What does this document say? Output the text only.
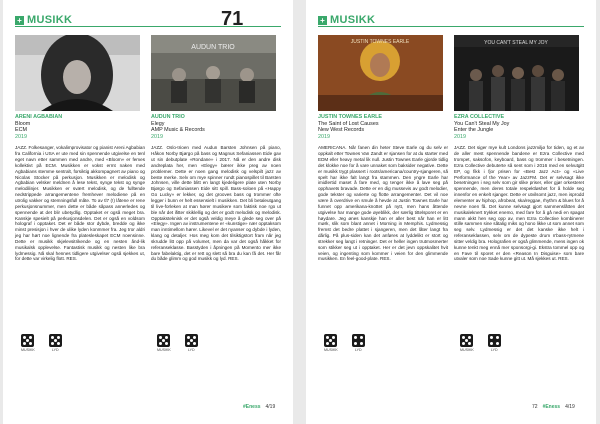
+ MUSIKK	71
ARENI AGBABIAN
Bloom
ECM
2019
JAZZ. Folkesanger, vokalimprovisator og pianist Areni Agbabian fra California i USA er ute med sin spennende utgivelse en tenl eget navn etter sammen med andre, med «Bloom» er femes kollektivt på ECM. Musikken er vokst ermt naken med Agbabians stemme sentralt, forsiktig akkompagnert av piano og Nicolas Stocker på perkusjon. Musikken er melodisk og Agbabian velsker meldnen å lese tekst, synge tekst og synge melodilinjer. Musikken er svært melodisk, og de fulltende nedstrippede arrangementene fremhever melodiene på en utrolig vakker og stemningsfull måte. To av tl7 (!) låtene er rene perkusjonsnummer, men dette er både såpass annerledes og spennende at det blir ubetydlig. Opptaket er også meget bra. Kanskje spesielt på perkusjonsdelen. Det er også en voldsom holograf i opptaket. Det er både stor dybde, bredde og ikke minst presisjon i hver de ulike lyden konmmer fra. Jeg tror aldri jeg har hørt noe lignende fra platesleskapet ECM noensinne. Dette er musikk skjelevsitrikende og en nesten ånd-lik musikalsk opplevelse. Fantastisk musikk og nesten like bra lydmessig. Nå skal hennes tidligere utgivelser også sjekkes ut, for dette var virkelig flott. RES.
AUDUN TRIO
AUDUN TRIO
Elegy
AMP Music & Records
2019
JAZZ. Oslo-trioen med Audun Barsten Johnsen på piano, Håkon Norby Bjørgo på bass og Magnus Sefaniassen Eide gav ut sin debutplate «Rondane» i 2017. Nå er den andre disk andreplata her, men «Elegy» bærer ikke preg av noen problemer. Dette er noen gang melodisk og velspilt jazz av beste merke. Selv om mye spinner rundt pianospillet til Barsten Johnsen, ville dette blitt en langt kjedeligere plate uten Norby Bjørgo og Sefaniassen Eide sitt spill. Bass-soloen på «Happy Go Lucky» er lekker, og det grooves bass og trommer ofte legger i bunn er helt essensielt i musikken. Det bli betaleutgang til live-forleken at man hører musikere som faktisk noe rgo ut ble når det ifitter skiklellig og det er godt melodisk og melodisk. Opptaksteknisk er det også veldig meye å glede seg over på «Elegy». Ingen av instrumentene er «kunstige» nær opptaksom man inntimellom hører. Likevel er det nyanser og dybde i lyden, klang og detaljer. Hos meg kom det tilsiktigstort fram når jeg skrudde litt opp på volumet, men da var det også håkket for referanseklasse. Basstyden i åpningen på Momento mer ikke bare fabelaktig, det er rett og slett så bra du kan få det. Her får du både glimm og god musikk og lyd. RES.
MUSIKK	LYD	MUSIKK	LYD
#Eness 4/19
+ MUSIKK
JUSTIN TOWNES EARLE
JUSTIN TOWNES EARLE
The Saint of Lost Causes
New West Records
2019
AMERICANA. Når fanen din heter Steve Earle og du selv er oppkalt etter Townes Van Zandt er sjansen for at du starter med EDM eller heavy metal lik null. Justin Townes Earle gjorde tidlig det klokke noe for å vare unnaket som baksider negative. Dette er musikk trygt plassert i roots/americana/country-sjangeren, så spelt har ikke falt langt fra stammen. Den yngre Earle har imidlertid maset å fare med, og tenger ikke å lave seg på opphavets bravade. Dette er en dig mussevis av godt melodier, gode tekster og varierte og flotte arrangementer. Det vil noe være å overdrive en smule å hevde at Justin Townes Earle har funnet opp amerikana-knottet på nytt, men hans åttende utgivelse har mange gode øyeblikk, der særlig tittelsporet er en høydare. Jeg ønes kanskje han er aller best når han er litt mørk, slik som blant annet i Morning in Memphis. Lydmessig fremst det bedre plattet i sjangeren, men det låter langt fra dårlig. På plus-siden kan det anføres at lyddelikt er stort og strekker seg langt i retninger. Det er heller ingen trutmosmerter som stikker seg ut i opptaket. Her er det jevn oppskalitet hvit veien, og ingenting som kommer i veien for den glimmende musikken. En feel-good-plate. RES.
YOU CAN'T STEAL MY JOY
EZRA COLLECTIVE
You Can't Steal My Joy
Enter the Jungle
2019
JAZZ. Det siger mye kult Londons jazzmiljø for tiden, og et av de aller mest spennende bandene er Ezra Collective med trompet, saksofon, keyboard, bass og trommer i besetningen. Ezra Collective debuterte så sent som i 2016 med en selvutgitt EP, og fikk i fjor prisen for «Best Jazz Act» og «Live Performance of the Year» av JazzFM. Det er selvsagt ikke besetningen i seg selv som gir slike priser, eller gjør orkesteret spennende, men deres totale respektløshet for å holde seg innenfor en enkelt sjanger. Dette er utvilsomt jazz, men isprodd elementer av hiphop, afrobeat, ska/reggae, rhythm & blues for å nevne noen få. Det kunne selvsagt gjort sammenslåtten det musikaleknert trykket enemo, med fare for å gå nedi en spagat mann akkt hen seg opp av, men Ezra Collective kombinerer stille sammen sine såtalig miks og hono likke ut som annet som seg selv. Lydmessig er det det kanske ikke helt i referanseklassen, selv om de dypeste drum n'bass-rytmene sitter veldig bra. Holografien er også glimmende, mens ingen ok kunne tenkt meg ennå mer sponsorgi-gi. Ekstra tommel opp og en Fave til sporet er den «Reason In Disguise» som bare utvaler som noe Sade kunne gitt ut. Må sjekkes ut. RES.
MUSIKK	LYD	MUSIKK	LYD
72 #Eness 4/19
